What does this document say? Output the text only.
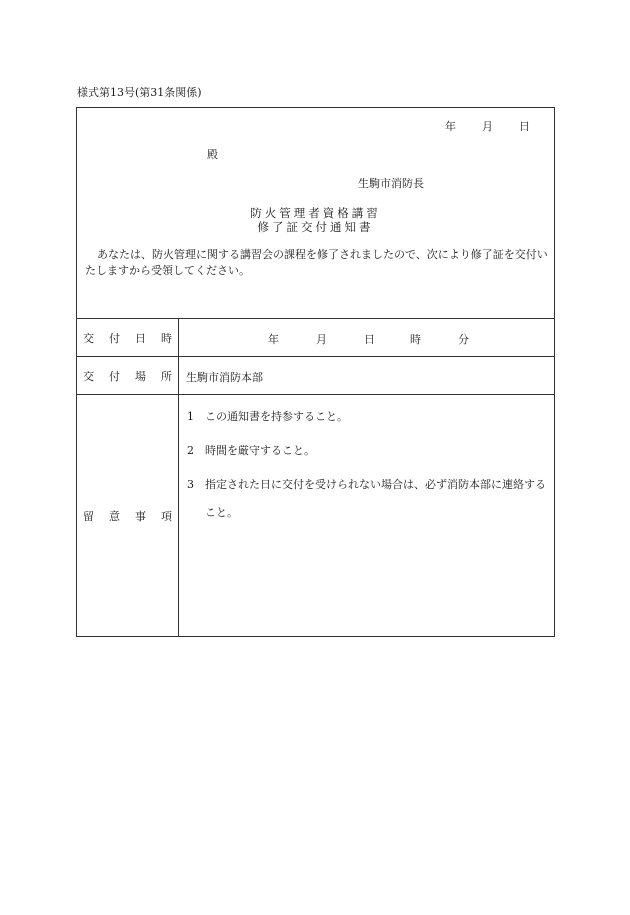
様式第13号(第31条関係)
年 月 日
殿
生駒市消防長
防火管理者資格講習
修了証交付通知書
あなたは、防火管理に関する講習会の課程を修了されましたので、次により修了証を交付いたしますから受領してください。
交 付 日 時	年	月	日	時	分
交 付 場 所 生駒市消防本部
留 意 事 項
1	この通知書を持参すること。
2	時間を厳守すること。
3	指定された日に交付を受けられない場合は、必ず消防本部に連絡すること。
